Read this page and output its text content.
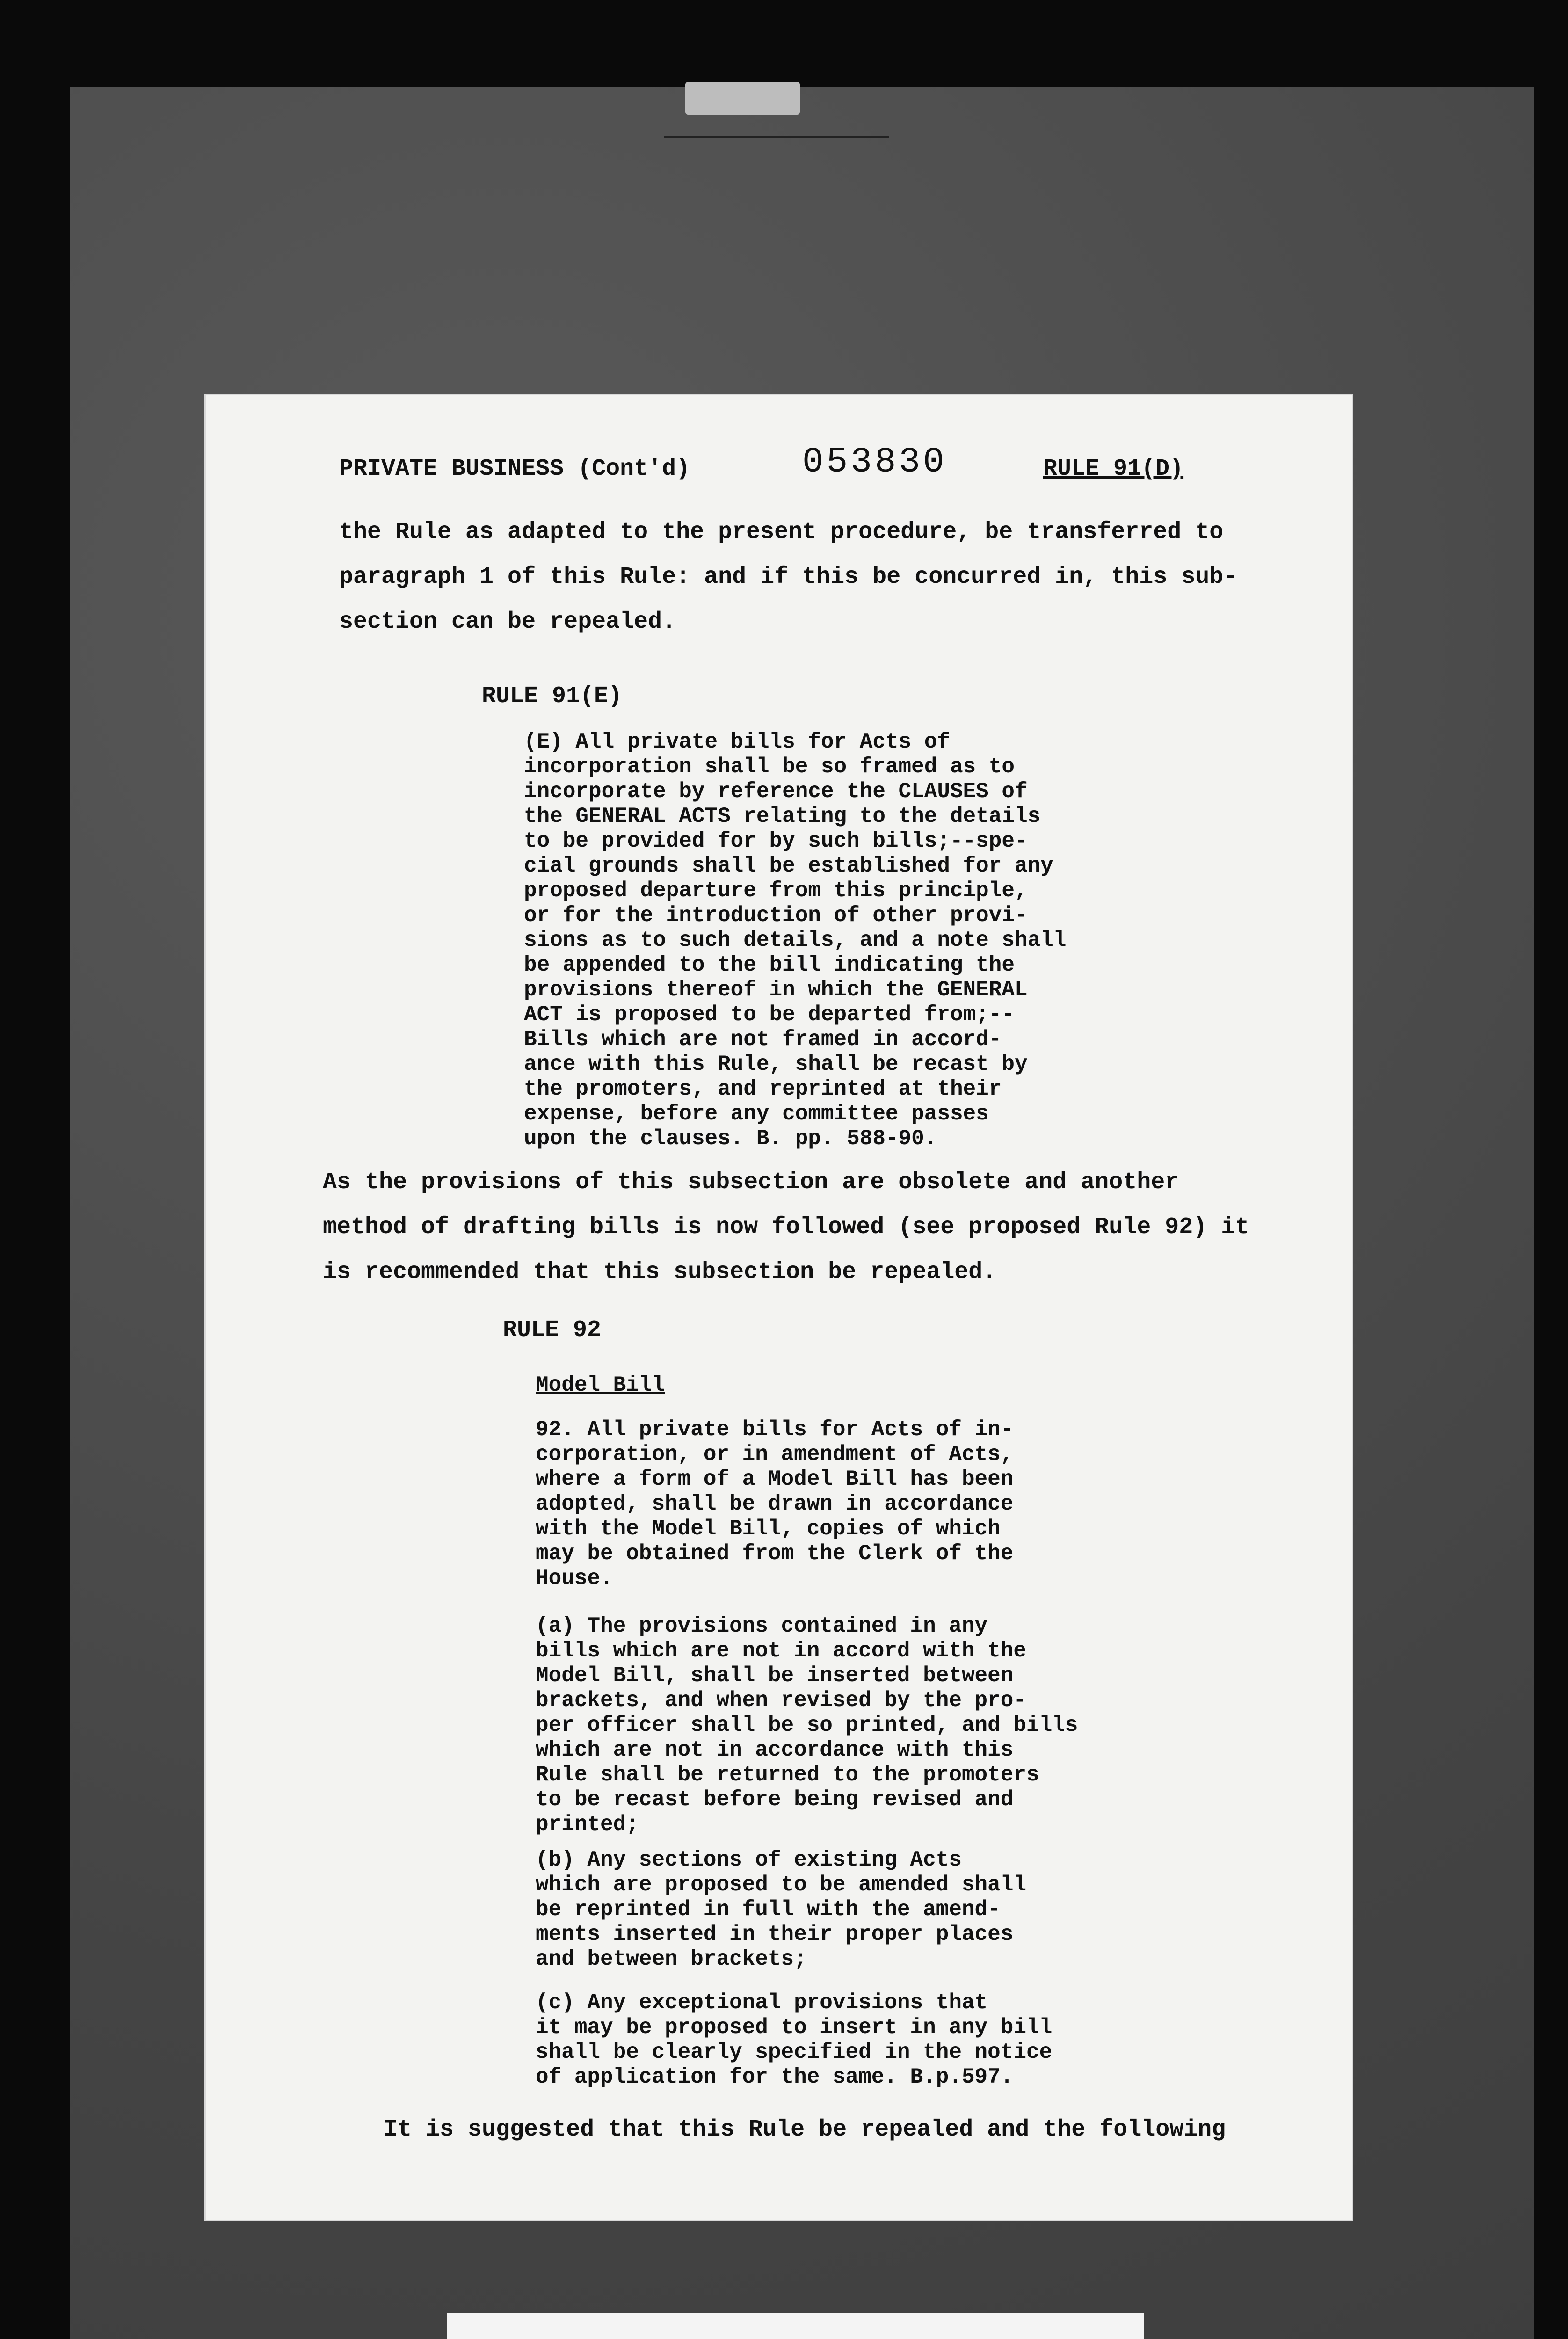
PRIVATE BUSINESS (Cont'd)	053830	RULE 91(D)
the Rule as adapted to the present procedure, be transferred to
paragraph 1 of this Rule: and if this be concurred in, this sub-
section can be repealed.
RULE 91(E)
(E) All private bills for Acts of
incorporation shall be so framed as to
incorporate by reference the CLAUSES of
the GENERAL ACTS relating to the details
to be provided for by such bills;--spe-
cial grounds shall be established for any
proposed departure from this principle,
or for the introduction of other provi-
sions as to such details, and a note shall
be appended to the bill indicating the
provisions thereof in which the GENERAL
ACT is proposed to be departed from;--
Bills which are not framed in accord-
ance with this Rule, shall be recast by
the promoters, and reprinted at their
expense, before any committee passes
upon the clauses. B. pp. 588-90.
As the provisions of this subsection are obsolete and another
method of drafting bills is now followed (see proposed Rule 92) it
is recommended that this subsection be repealed.
RULE 92
Model Bill
92. All private bills for Acts of in-
corporation, or in amendment of Acts,
where a form of a Model Bill has been
adopted, shall be drawn in accordance
with the Model Bill, copies of which
may be obtained from the Clerk of the
House.
(a) The provisions contained in any
bills which are not in accord with the
Model Bill, shall be inserted between
brackets, and when revised by the pro-
per officer shall be so printed, and bills
which are not in accordance with this
Rule shall be returned to the promoters
to be recast before being revised and
printed;
(b) Any sections of existing Acts
which are proposed to be amended shall
be reprinted in full with the amend-
ments inserted in their proper places
and between brackets;
(c) Any exceptional provisions that
it may be proposed to insert in any bill
shall be clearly specified in the notice
of application for the same. B.p.597.
It is suggested that this Rule be repealed and the following
